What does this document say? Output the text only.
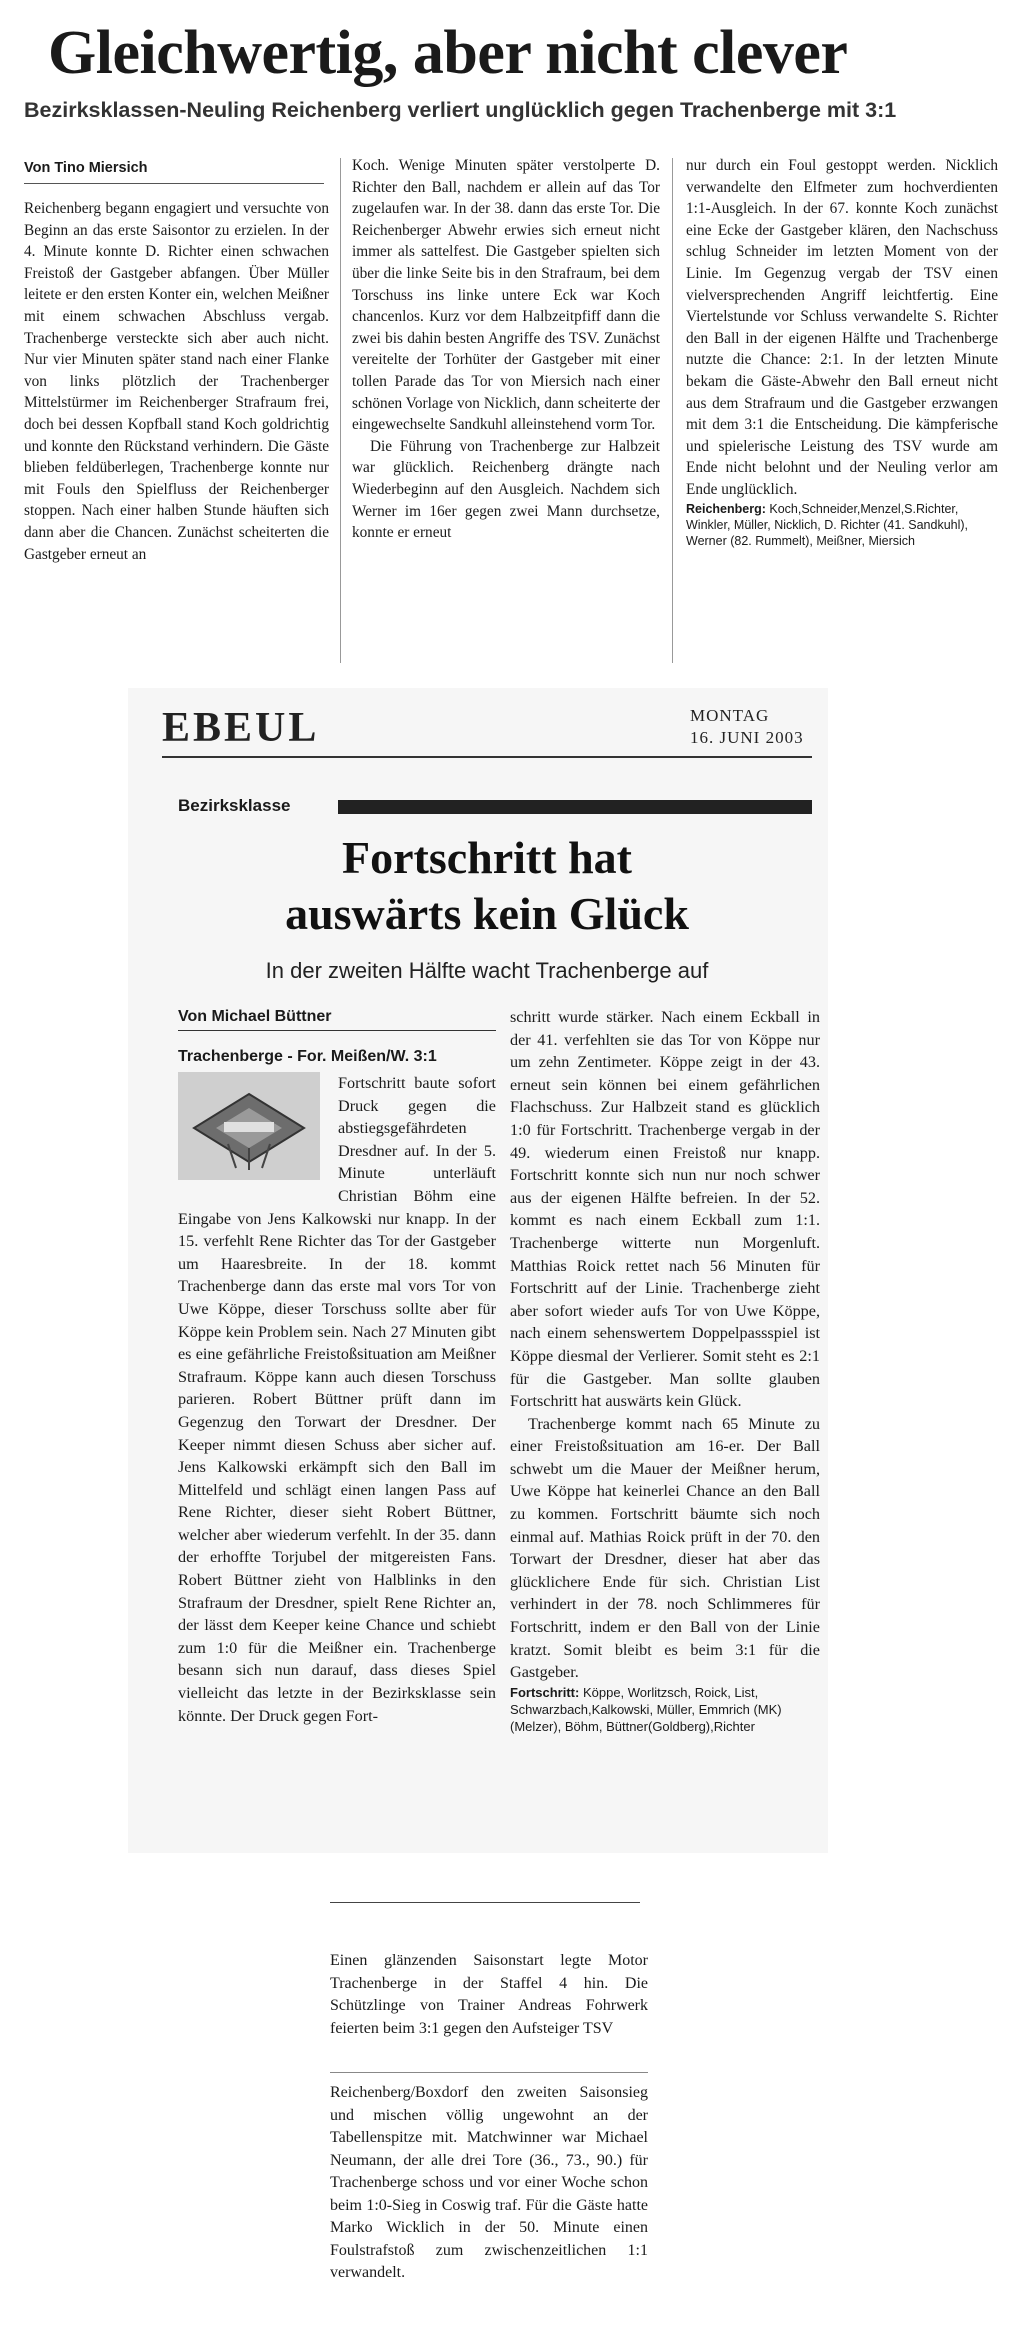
Gleichwertig, aber nicht clever
Bezirksklassen-Neuling Reichenberg verliert unglücklich gegen Trachenberge mit 3:1
Von Tino Miersich

Reichenberg begann engagiert und versuchte von Beginn an das erste Saisontor zu erzielen. In der 4. Minute konnte D. Richter einen schwachen Freistoß der Gastgeber abfangen. Über Müller leitete er den ersten Konter ein, welchen Meißner mit einem schwachen Abschluss vergab. Trachenberge versteckte sich aber auch nicht. Nur vier Minuten später stand nach einer Flanke von links plötzlich der Trachenberger Mittelstürmer im Reichenberger Strafraum frei, doch bei dessen Kopfball stand Koch goldrichtig und konnte den Rückstand verhindern. Die Gäste blieben feldüberlegen, Trachenberge konnte nur mit Fouls den Spielfluss der Reichenberger stoppen. Nach einer halben Stunde häuften sich dann aber die Chancen. Zunächst scheiterten die Gastgeber erneut an

Koch. Wenige Minuten später verstolperte D. Richter den Ball, nachdem er allein auf das Tor zugelaufen war. In der 38. dann das erste Tor. Die Reichenberger Abwehr erwies sich erneut nicht immer als sattelfest. Die Gastgeber spielten sich über die linke Seite bis in den Strafraum, bei dem Torschuss ins linke untere Eck war Koch chancenlos. Kurz vor dem Halbzeitpfiff dann die zwei bis dahin besten Angriffe des TSV. Zunächst vereitelte der Torhüter der Gastgeber mit einer tollen Parade das Tor von Miersich nach einer schönen Vorlage von Nicklich, dann scheiterte der eingewechselte Sandkuhl alleinstehend vorm Tor.

Die Führung von Trachenberge zur Halbzeit war glücklich. Reichenberg drängte nach Wiederbeginn auf den Ausgleich. Nachdem sich Werner im 16er gegen zwei Mann durchsetze, konnte er erneut

nur durch ein Foul gestoppt werden. Nicklich verwandelte den Elfmeter zum hochverdienten 1:1-Ausgleich. In der 67. konnte Koch zunächst eine Ecke der Gastgeber klären, den Nachschuss schlug Schneider im letzten Moment von der Linie. Im Gegenzug vergab der TSV einen vielversprechenden Angriff leichtfertig. Eine Viertelstunde vor Schluss verwandelte S. Richter den Ball in der eigenen Hälfte und Trachenberge nutzte die Chance: 2:1. In der letzten Minute bekam die Gäste-Abwehr den Ball erneut nicht aus dem Strafraum und die Gastgeber erzwangen mit dem 3:1 die Entscheidung. Die kämpferische und spielerische Leistung des TSV wurde am Ende nicht belohnt und der Neuling verlor am Ende unglücklich.

Reichenberg: Koch,Schneider,Menzel,S.Richter, Winkler, Müller, Nicklich, D. Richter (41. Sandkuhl), Werner (82. Rummelt), Meißner, Miersich
EBEUL	MONTAG
16. JUNI 2003
Bezirksklasse
Fortschritt hat
auswärts kein Glück
In der zweiten Hälfte wacht Trachenberge auf
Von Michael Büttner
Trachenberge - For. Meißen/W. 3:1

Fortschritt baute sofort Druck gegen die abstiegsgefährdeten Dresdner auf. In der 5. Minute unterläuft Christian Böhm eine Eingabe von Jens Kalkowski nur knapp. In der 15. verfehlt Rene Richter das Tor der Gastgeber um Haaresbreite. In der 18. kommt Trachenberge dann das erste mal vors Tor von Uwe Köppe, dieser Torschuss sollte aber für Köppe kein Problem sein. Nach 27 Minuten gibt es eine gefährliche Freistoßsituation am Meißner Strafraum. Köppe kann auch diesen Torschuss parieren. Robert Büttner prüft dann im Gegenzug den Torwart der Dresdner. Der Keeper nimmt diesen Schuss aber sicher auf. Jens Kalkowski erkämpft sich den Ball im Mittelfeld und schlägt einen langen Pass auf Rene Richter, dieser sieht Robert Büttner, welcher aber wiederum verfehlt. In der 35. dann der erhoffte Torjubel der mitgereisten Fans. Robert Büttner zieht von Halblinks in den Strafraum der Dresdner, spielt Rene Richter an, der lässt dem Keeper keine Chance und schiebt zum 1:0 für die Meißner ein. Trachenberge besann sich nun darauf, dass dieses Spiel vielleicht das letzte in der Bezirksklasse sein könnte. Der Druck gegen Fort-

schritt wurde stärker. Nach einem Eckball in der 41. verfehlten sie das Tor von Köppe nur um zehn Zentimeter. Köppe zeigt in der 43. erneut sein können bei einem gefährlichen Flachschuss. Zur Halbzeit stand es glücklich 1:0 für Fortschritt. Trachenberge vergab in der 49. wiederum einen Freistoß nur knapp. Fortschritt konnte sich nun nur noch schwer aus der eigenen Hälfte befreien. In der 52. kommt es nach einem Eckball zum 1:1. Trachenberge witterte nun Morgenluft. Matthias Roick rettet nach 56 Minuten für Fortschritt auf der Linie. Trachenberge zieht aber sofort wieder aufs Tor von Uwe Köppe, nach einem sehenswertem Doppelpassspiel ist Köppe diesmal der Verlierer. Somit steht es 2:1 für die Gastgeber. Man sollte glauben Fortschritt hat auswärts kein Glück.

Trachenberge kommt nach 65 Minute zu einer Freistoßsituation am 16-er. Der Ball schwebt um die Mauer der Meißner herum, Uwe Köppe hat keinerlei Chance an den Ball zu kommen. Fortschritt bäumte sich noch einmal auf. Mathias Roick prüft in der 70. den Torwart der Dresdner, dieser hat aber das glücklichere Ende für sich. Christian List verhindert in der 78. noch Schlimmeres für Fortschritt, indem er den Ball von der Linie kratzt. Somit bleibt es beim 3:1 für die Gastgeber.

Fortschritt: Köppe, Worlitzsch, Roick, List, Schwarzbach,Kalkowski, Müller, Emmrich (MK) (Melzer), Böhm, Büttner(Goldberg),Richter

Einen glänzenden Saisonstart legte Motor Trachenberge in der Staffel 4 hin. Die Schützlinge von Trainer Andreas Fohrwerk feierten beim 3:1 gegen den Aufsteiger TSV

Reichenberg/Boxdorf den zweiten Saisonsieg und mischen völlig ungewohnt an der Tabellenspitze mit. Matchwinner war Michael Neumann, der alle drei Tore (36., 73., 90.) für Trachenberge schoss und vor einer Woche schon beim 1:0-Sieg in Coswig traf. Für die Gäste hatte Marko Wicklich in der 50. Minute einen Foulstrafstoß zum zwischenzeitlichen 1:1 verwandelt.
